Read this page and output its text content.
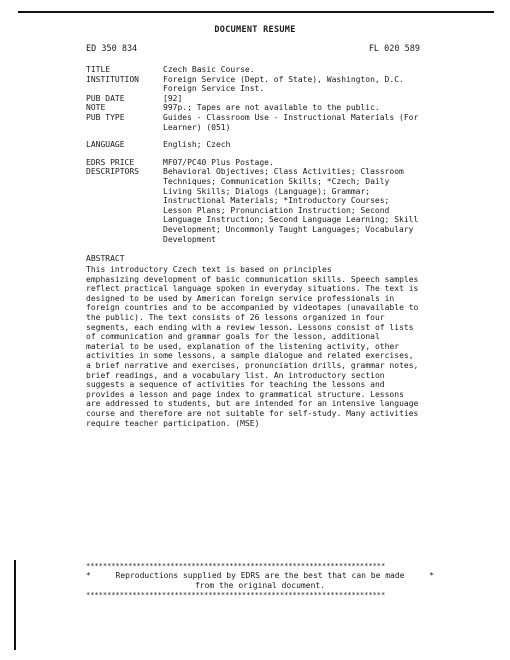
DOCUMENT RESUME
ED 350 834	FL 020 589
TITLE	Czech Basic Course.
INSTITUTION	Foreign Service (Dept. of State), Washington, D.C.
Foreign Service Inst.
PUB DATE	[92]
NOTE	997p.; Tapes are not available to the public.
PUB TYPE	Guides - Classroom Use - Instructional Materials (For
Learner) (051)
LANGUAGE	English; Czech
EDRS PRICE	MF07/PC40 Plus Postage.
DESCRIPTORS	Behavioral Objectives; Class Activities; Classroom
Techniques; Communication Skills; *Czech; Daily
Living Skills; Dialogs (Language); Grammar;
Instructional Materials; *Introductory Courses;
Lesson Plans; Pronunciation Instruction; Second
Language Instruction; Second Language Learning; Skill
Development; Uncommonly Taught Languages; Vocabulary
Development
ABSTRACT
This introductory Czech text is based on principles
emphasizing development of basic communication skills. Speech samples
reflect practical language spoken in everyday situations. The text is
designed to be used by American foreign service professionals in
foreign countries and to be accompanied by videotapes (unavailable to
the public). The text consists of 26 lessons organized in four
segments, each ending with a review lesson. Lessons consist of lists
of communication and grammar goals for the lesson, additional
material to be used, explanation of the listening activity, other
activities in some lessons, a sample dialogue and related exercises,
a brief narrative and exercises, pronunciation drills, grammar notes,
brief readings, and a vocabulary list. An introductory section
suggests a sequence of activities for teaching the lessons and
provides a lesson and page index to grammatical structure. Lessons
are addressed to students, but are intended for an intensive language
course and therefore are not suitable for self-study. Many activities
require teacher participation. (MSE)
***********************************************************************
*	*
Reproductions supplied by EDRS are the best that can be made
from the original document.
***********************************************************************
